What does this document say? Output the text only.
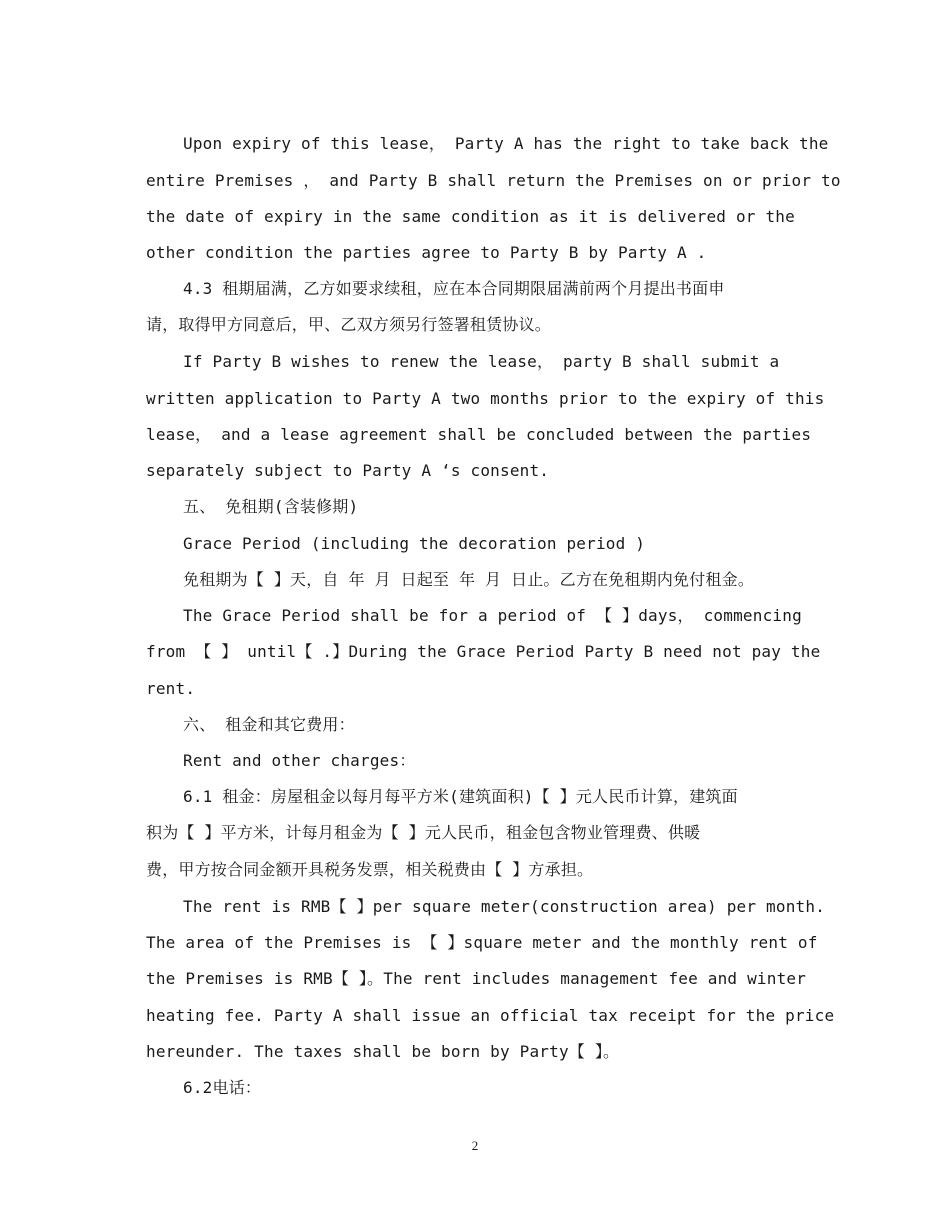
Upon expiry of this lease， Party A has the right to take back the
entire Premises ， and Party B shall return the Premises on or prior to
the date of expiry in the same condition as it is delivered or the
other condition the parties agree to Party B by Party A .
4.3 租期届满，乙方如要求续租，应在本合同期限届满前两个月提出书面申
请，取得甲方同意后，甲、乙双方须另行签署租赁协议。
If Party B wishes to renew the lease， party B shall submit a
written application to Party A two months prior to the expiry of this
lease， and a lease agreement shall be concluded between the parties
separately subject to Party A ‘s consent.
五、 免租期(含装修期)
Grace Period (including the decoration period )
免租期为【 】天，自 年 月 日起至 年 月 日止。乙方在免租期内免付租金。
The Grace Period shall be for a period of 【 】days， commencing
from 【 】 until【 .】During the Grace Period Party B need not pay the
rent.
六、 租金和其它费用：
Rent and other charges：
6.1 租金：房屋租金以每月每平方米(建筑面积)【 】元人民币计算，建筑面
积为【 】平方米，计每月租金为【 】元人民币，租金包含物业管理费、供暖
费，甲方按合同金额开具税务发票，相关税费由【 】方承担。
The rent is RMB【 】per square meter(construction area) per month.
The area of the Premises is 【 】square meter and the monthly rent of
the Premises is RMB【 】。The rent includes management fee and winter
heating fee. Party A shall issue an official tax receipt for the price
hereunder. The taxes shall be born by Party【 】。
6.2电话：
2
